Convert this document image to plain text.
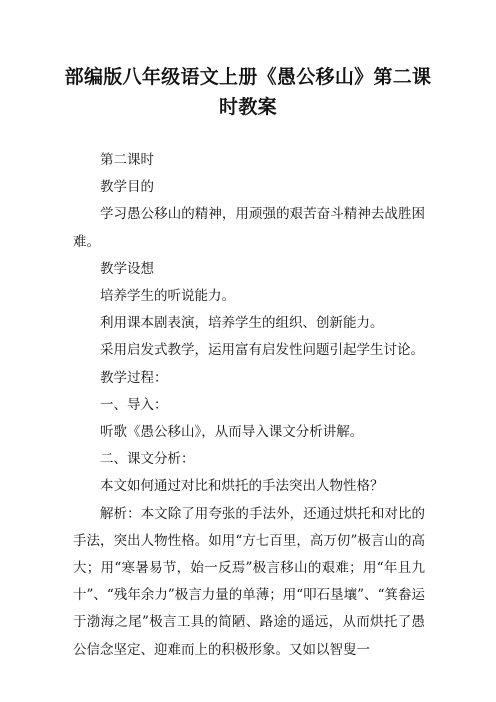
部编版八年级语文上册《愚公移山》第二课
时教案

第二课时

教学目的

学习愚公移山的精神，用顽强的艰苦奋斗精神去战胜困难。

教学设想

培养学生的听说能力。

利用课本剧表演，培养学生的组织、创新能力。

采用启发式教学，运用富有启发性问题引起学生讨论。

教学过程：

一、导入：

听歌《愚公移山》，从而导入课文分析讲解。

二、课文分析：

本文如何通过对比和烘托的手法突出人物性格？

解析：本文除了用夸张的手法外，还通过烘托和对比的手法，突出人物性格。如用“方七百里，高万仞”极言山的高大；用“寒暑易节，始一反焉”极言移山的艰难；用“年且九十”、“残年余力”极言力量的单薄；用“叩石垦壤”、“箕畚运于渤海之尾”极言工具的简陋、路途的遥远，从而烘托了愚公信念坚定、迎难而上的积极形象。又如以智叟一
